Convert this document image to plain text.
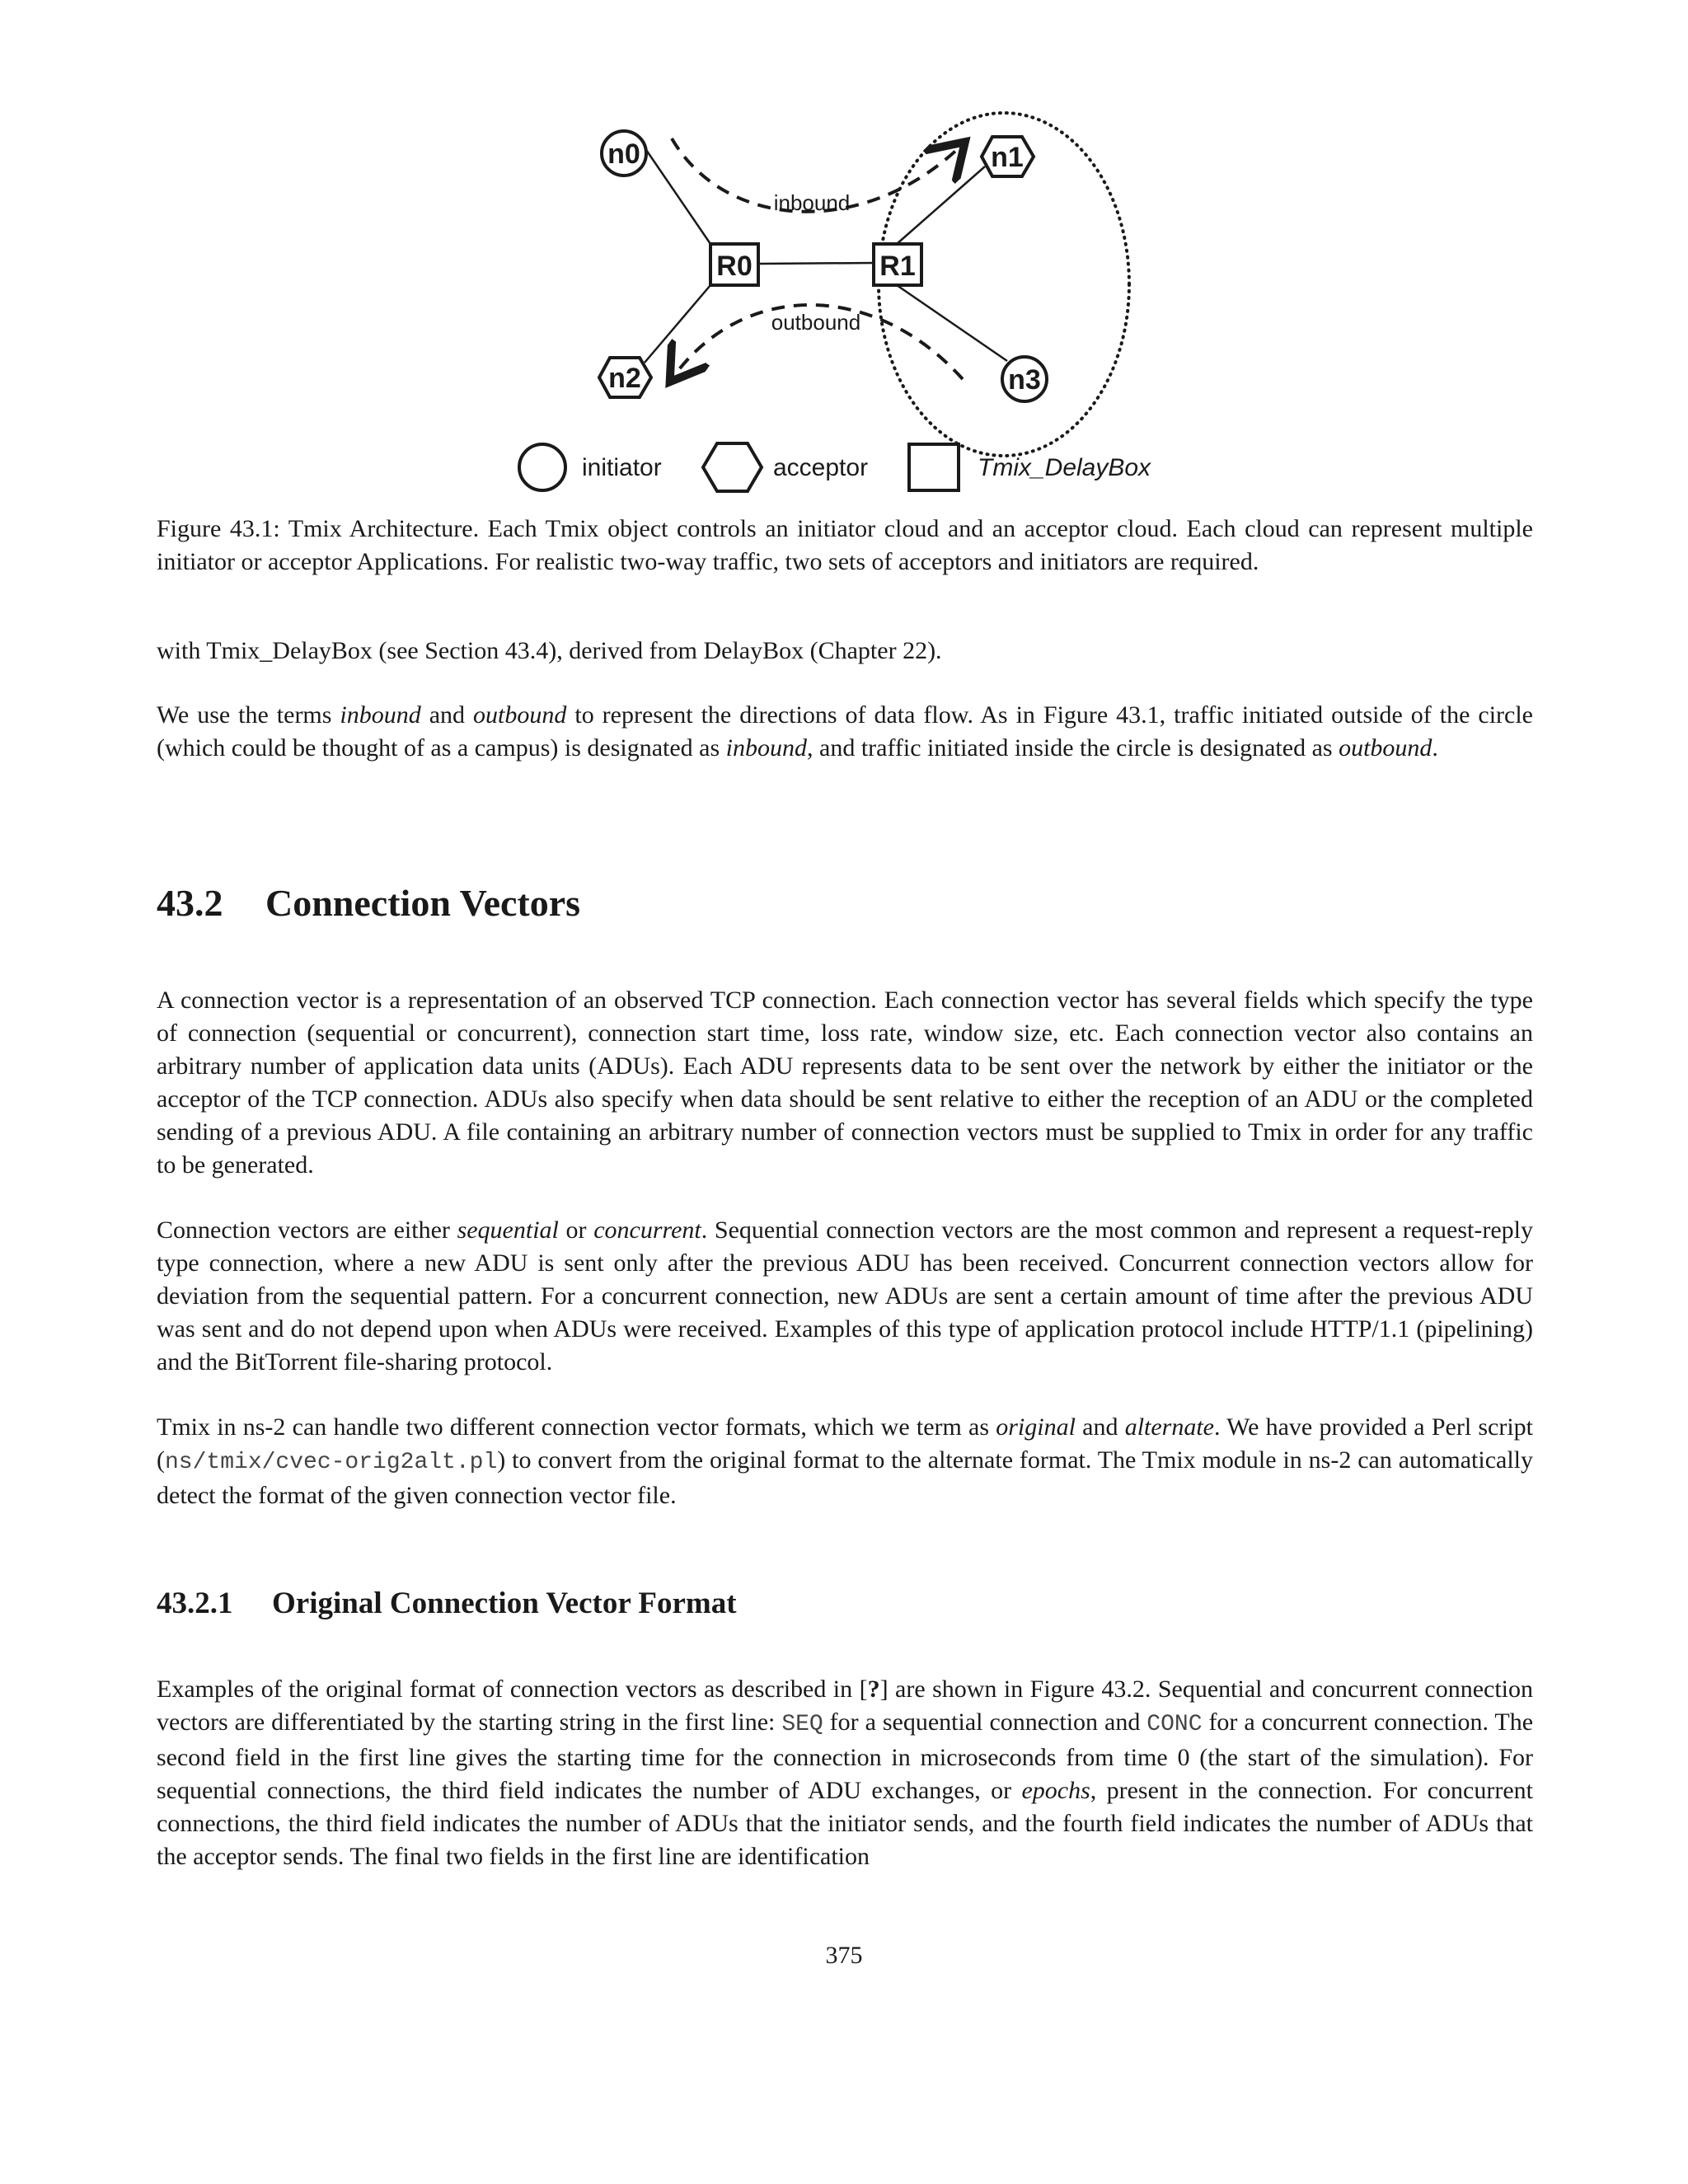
inbound
outbound
R0	R1
n0
n3
n1
n2
initiator	acceptor	Tmix_DelayBox

Figure 43.1: Tmix Architecture. Each Tmix object controls an initiator cloud and an acceptor cloud. Each cloud can represent multiple initiator or acceptor Applications. For realistic two-way traffic, two sets of acceptors and initiators are required.

with Tmix_DelayBox (see Section 43.4), derived from DelayBox (Chapter 22).

We use the terms inbound and outbound to represent the directions of data flow. As in Figure 43.1, traffic initiated outside of the circle (which could be thought of as a campus) is designated as inbound, and traffic initiated inside the circle is designated as outbound.

43.2 Connection Vectors

A connection vector is a representation of an observed TCP connection. Each connection vector has several fields which specify the type of connection (sequential or concurrent), connection start time, loss rate, window size, etc. Each connection vector also contains an arbitrary number of application data units (ADUs). Each ADU represents data to be sent over the network by either the initiator or the acceptor of the TCP connection. ADUs also specify when data should be sent relative to either the reception of an ADU or the completed sending of a previous ADU. A file containing an arbitrary number of connection vectors must be supplied to Tmix in order for any traffic to be generated.

Connection vectors are either sequential or concurrent. Sequential connection vectors are the most common and represent a request-reply type connection, where a new ADU is sent only after the previous ADU has been received. Concurrent connection vectors allow for deviation from the sequential pattern. For a concurrent connection, new ADUs are sent a certain amount of time after the previous ADU was sent and do not depend upon when ADUs were received. Examples of this type of application protocol include HTTP/1.1 (pipelining) and the BitTorrent file-sharing protocol.

Tmix in ns-2 can handle two different connection vector formats, which we term as original and alternate. We have provided a Perl script (ns/tmix/cvec-orig2alt.pl) to convert from the original format to the alternate format. The Tmix module in ns-2 can automatically detect the format of the given connection vector file.

43.2.1 Original Connection Vector Format

Examples of the original format of connection vectors as described in [?] are shown in Figure 43.2. Sequential and concurrent connection vectors are differentiated by the starting string in the first line: SEQ for a sequential connection and CONC for a concurrent connection. The second field in the first line gives the starting time for the connection in microseconds from time 0 (the start of the simulation). For sequential connections, the third field indicates the number of ADU exchanges, or epochs, present in the connection. For concurrent connections, the third field indicates the number of ADUs that the initiator sends, and the fourth field indicates the number of ADUs that the acceptor sends. The final two fields in the first line are identification

375
